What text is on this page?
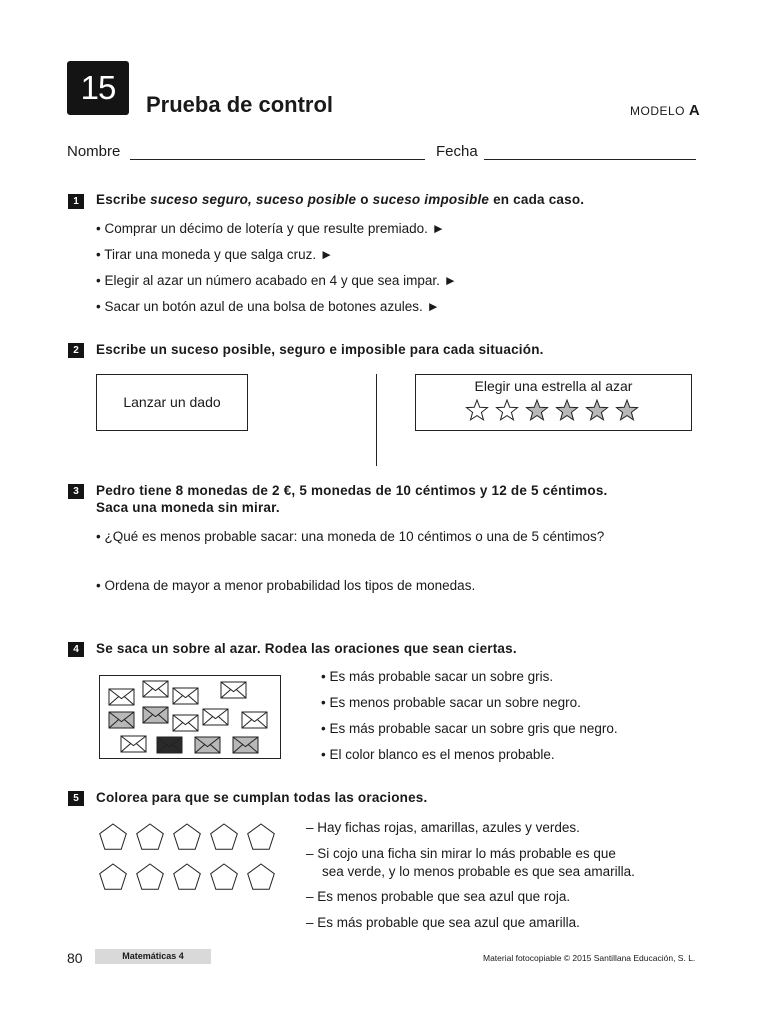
15	Prueba de control	MODELO A
Nombre	Fecha
1	Escribe suceso seguro, suceso posible o suceso imposible en cada caso.
• Comprar un décimo de lotería y que resulte premiado. ►
• Tirar una moneda y que salga cruz. ►
• Elegir al azar un número acabado en 4 y que sea impar. ►
• Sacar un botón azul de una bolsa de botones azules. ►
2	Escribe un suceso posible, seguro e imposible para cada situación.
Lanzar un dado
Elegir una estrella al azar
3	Pedro tiene 8 monedas de 2 €, 5 monedas de 10 céntimos y 12 de 5 céntimos.
Saca una moneda sin mirar.
• ¿Qué es menos probable sacar: una moneda de 10 céntimos o una de 5 céntimos?
• Ordena de mayor a menor probabilidad los tipos de monedas.
4	Se saca un sobre al azar. Rodea las oraciones que sean ciertas.
• Es más probable sacar un sobre gris.
• Es menos probable sacar un sobre negro.
• Es más probable sacar un sobre gris que negro.
• El color blanco es el menos probable.
5	Colorea para que se cumplan todas las oraciones.
– Hay fichas rojas, amarillas, azules y verdes.
– Si cojo una ficha sin mirar lo más probable es que
sea verde, y lo menos probable es que sea amarilla.
– Es menos probable que sea azul que roja.
– Es más probable que sea azul que amarilla.
80	Matemáticas 4	Material fotocopiable © 2015 Santillana Educación, S. L.
